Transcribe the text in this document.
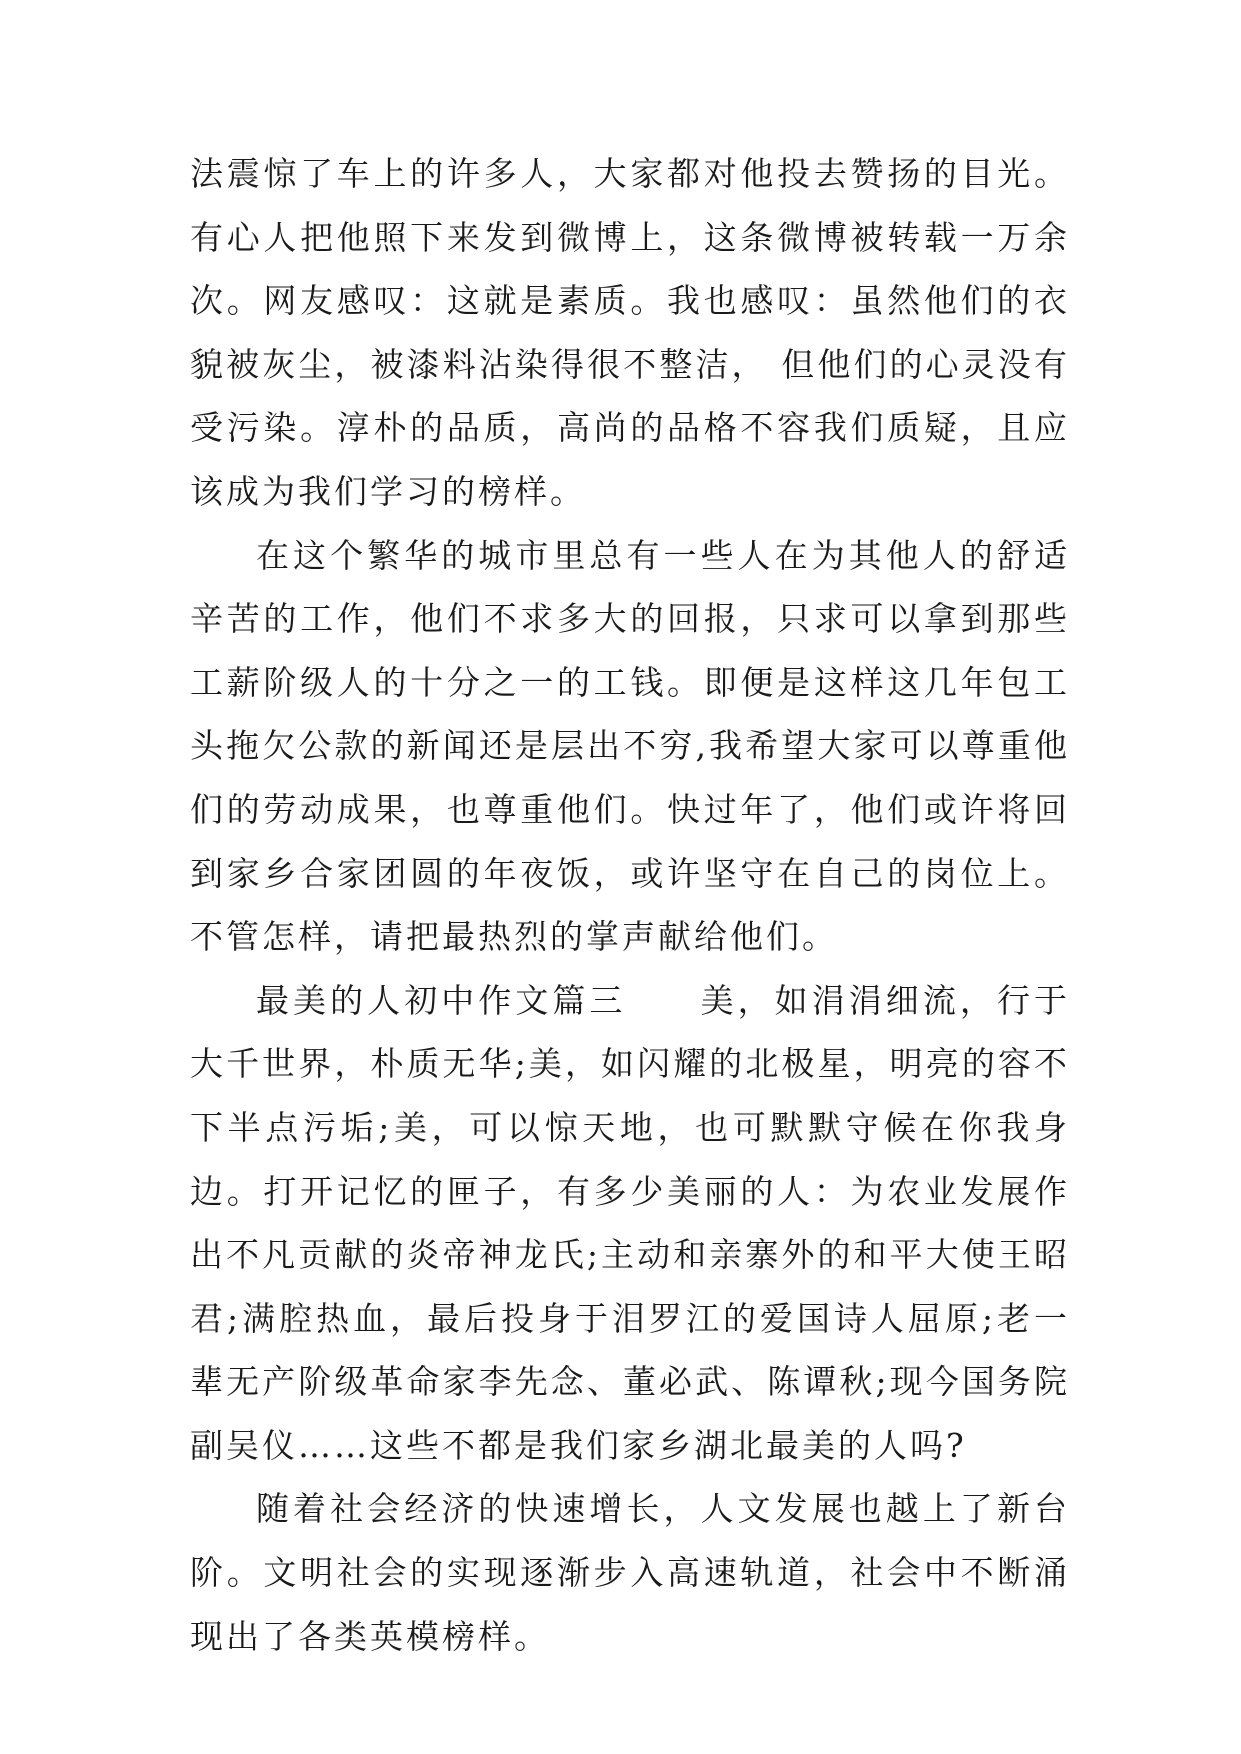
法震惊了车上的许多人，大家都对他投去赞扬的目光。有心人把他照下来发到微博上，这条微博被转载一万余次。网友感叹：这就是素质。我也感叹：虽然他们的衣貌被灰尘，被漆料沾染得很不整洁， 但他们的心灵没有受污染。淳朴的品质，高尚的品格不容我们质疑，且应该成为我们学习的榜样。

在这个繁华的城市里总有一些人在为其他人的舒适辛苦的工作，他们不求多大的回报，只求可以拿到那些工薪阶级人的十分之一的工钱。即便是这样这几年包工头拖欠公款的新闻还是层出不穷,我希望大家可以尊重他们的劳动成果，也尊重他们。快过年了，他们或许将回到家乡合家团圆的年夜饭，或许坚守在自己的岗位上。不管怎样，请把最热烈的掌声献给他们。

最美的人初中作文篇三　　美，如涓涓细流，行于大千世界，朴质无华;美，如闪耀的北极星，明亮的容不下半点污垢;美，可以惊天地，也可默默守候在你我身边。打开记忆的匣子，有多少美丽的人：为农业发展作出不凡贡献的炎帝神龙氏;主动和亲寨外的和平大使王昭君;满腔热血，最后投身于泪罗江的爱国诗人屈原;老一辈无产阶级革命家李先念、董必武、陈谭秋;现今国务院副吴仪……这些不都是我们家乡湖北最美的人吗?

随着社会经济的快速增长，人文发展也越上了新台阶。文明社会的实现逐渐步入高速轨道，社会中不断涌现出了各类英模榜样。
